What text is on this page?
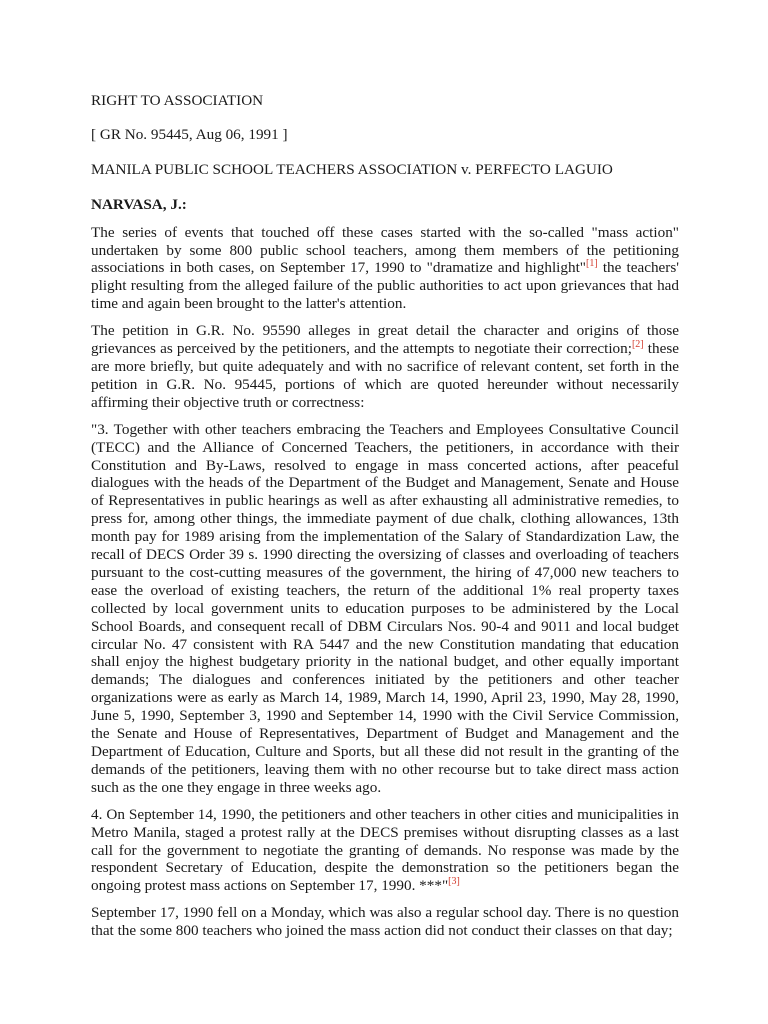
RIGHT TO ASSOCIATION
[ GR No. 95445, Aug 06, 1991 ]
MANILA PUBLIC SCHOOL TEACHERS ASSOCIATION v. PERFECTO LAGUIO
NARVASA, J.:

The series of events that touched off these cases started with the so-called "mass action" undertaken by some 800 public school teachers, among them members of the petitioning associations in both cases, on September 17, 1990 to "dramatize and highlight"[1] the teachers' plight resulting from the alleged failure of the public authorities to act upon grievances that had time and again been brought to the latter's attention.

The petition in G.R. No. 95590 alleges in great detail the character and origins of those grievances as perceived by the petitioners, and the attempts to negotiate their correction;[2] these are more briefly, but quite adequately and with no sacrifice of relevant content, set forth in the petition in G.R. No. 95445, portions of which are quoted hereunder without necessarily affirming their objective truth or correctness:

"3. Together with other teachers embracing the Teachers and Employees Consultative Council (TECC) and the Alliance of Concerned Teachers, the petitioners, in accordance with their Constitution and By-Laws, resolved to engage in mass concerted actions, after peaceful dialogues with the heads of the Department of the Budget and Management, Senate and House of Representatives in public hearings as well as after exhausting all administrative remedies, to press for, among other things, the immediate payment of due chalk, clothing allowances, 13th month pay for 1989 arising from the implementation of the Salary of Standardization Law, the recall of DECS Order 39 s. 1990 directing the oversizing of classes and overloading of teachers pursuant to the cost-cutting measures of the government, the hiring of 47,000 new teachers to ease the overload of existing teachers, the return of the additional 1% real property taxes collected by local government units to education purposes to be administered by the Local School Boards, and consequent recall of DBM Circulars Nos. 90-4 and 9011 and local budget circular No. 47 consistent with RA 5447 and the new Constitution mandating that education shall enjoy the highest budgetary priority in the national budget, and other equally important demands; The dialogues and conferences initiated by the petitioners and other teacher organizations were as early as March 14, 1989, March 14, 1990, April 23, 1990, May 28, 1990, June 5, 1990, September 3, 1990 and September 14, 1990 with the Civil Service Commission, the Senate and House of Representatives, Department of Budget and Management and the Department of Education, Culture and Sports, but all these did not result in the granting of the demands of the petitioners, leaving them with no other recourse but to take direct mass action such as the one they engage in three weeks ago.

4. On September 14, 1990, the petitioners and other teachers in other cities and municipalities in Metro Manila, staged a protest rally at the DECS premises without disrupting classes as a last call for the government to negotiate the granting of demands. No response was made by the respondent Secretary of Education, despite the demonstration so the petitioners began the ongoing protest mass actions on September 17, 1990. ***"[3]

September 17, 1990 fell on a Monday, which was also a regular school day. There is no question that the some 800 teachers who joined the mass action did not conduct their classes on that day;
